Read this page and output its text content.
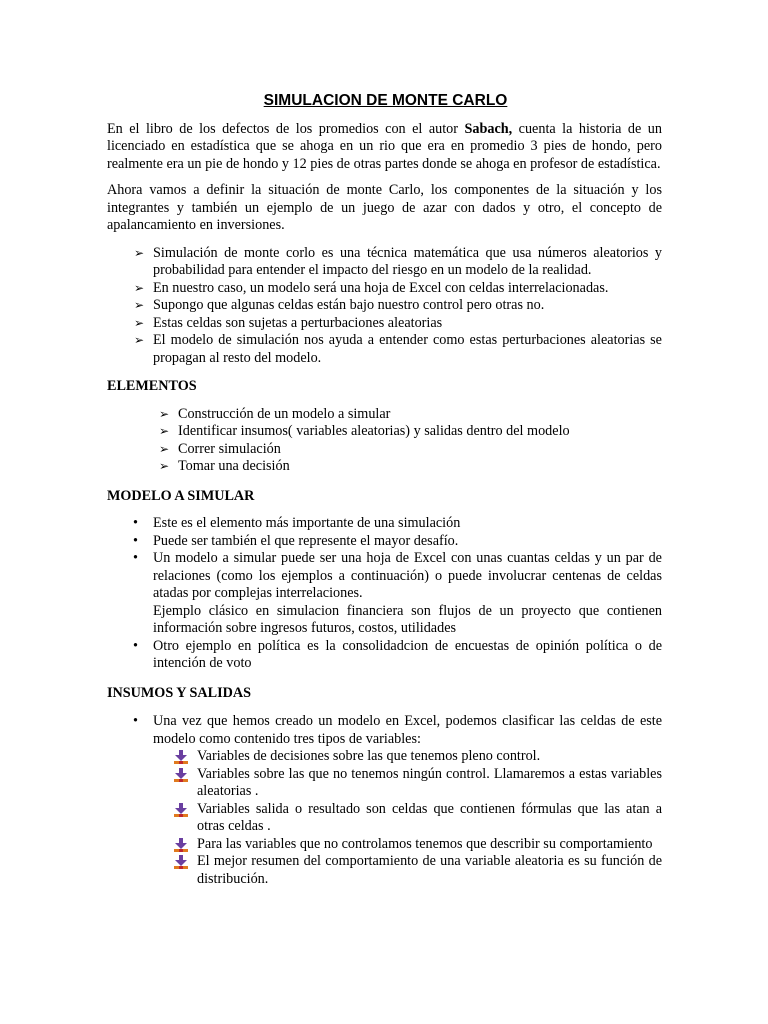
SIMULACION DE MONTE CARLO

En el libro de los defectos de los promedios con el autor Sabach, cuenta la historia de un licenciado en estadística que se ahoga en un rio que era en promedio 3 pies de hondo, pero realmente era un pie de hondo y 12 pies de otras partes donde se ahoga en profesor de estadística.

Ahora vamos a definir la situación de monte Carlo, los componentes de la situación y los integrantes y también un ejemplo de un juego de azar con dados y otro, el concepto de apalancamiento en inversiones.

➢ Simulación de monte corlo es una técnica matemática que usa números aleatorios y probabilidad para entender el impacto del riesgo en un modelo de la realidad.
➢ En nuestro caso, un modelo será una hoja de Excel con celdas interrelacionadas.
➢ Supongo que algunas celdas están bajo nuestro control pero otras no.
➢ Estas celdas son sujetas a perturbaciones aleatorias
➢ El modelo de simulación nos ayuda a entender como estas perturbaciones aleatorias se propagan al resto del modelo.
ELEMENTOS
➢ Construcción de un modelo a simular
➢ Identificar insumos( variables aleatorias) y salidas dentro del modelo
➢ Correr simulación
➢ Tomar una decisión
MODELO A SIMULAR
• Este es el elemento más importante de una simulación
• Puede ser también el que represente el mayor desafío.
• Un modelo a simular puede ser una hoja de Excel con unas cuantas celdas y un par de relaciones (como los ejemplos a continuación) o puede involucrar centenas de celdas atadas por complejas interrelaciones.
Ejemplo clásico en simulacion financiera son flujos de un proyecto que contienen información sobre ingresos futuros, costos, utilidades
• Otro ejemplo en política es la consolidadcion de encuestas de opinión política o de intención de voto
INSUMOS Y SALIDAS
• Una vez que hemos creado un modelo en Excel, podemos clasificar las celdas de este modelo como contenido tres tipos de variables:
Variables de decisiones sobre las que tenemos pleno control.
Variables sobre las que no tenemos ningún control. Llamaremos a estas variables aleatorias .
Variables salida o resultado son celdas que contienen fórmulas que las atan a otras celdas .
Para las variables que no controlamos tenemos que describir su comportamiento
El mejor resumen del comportamiento de una variable aleatoria es su función de distribución.
